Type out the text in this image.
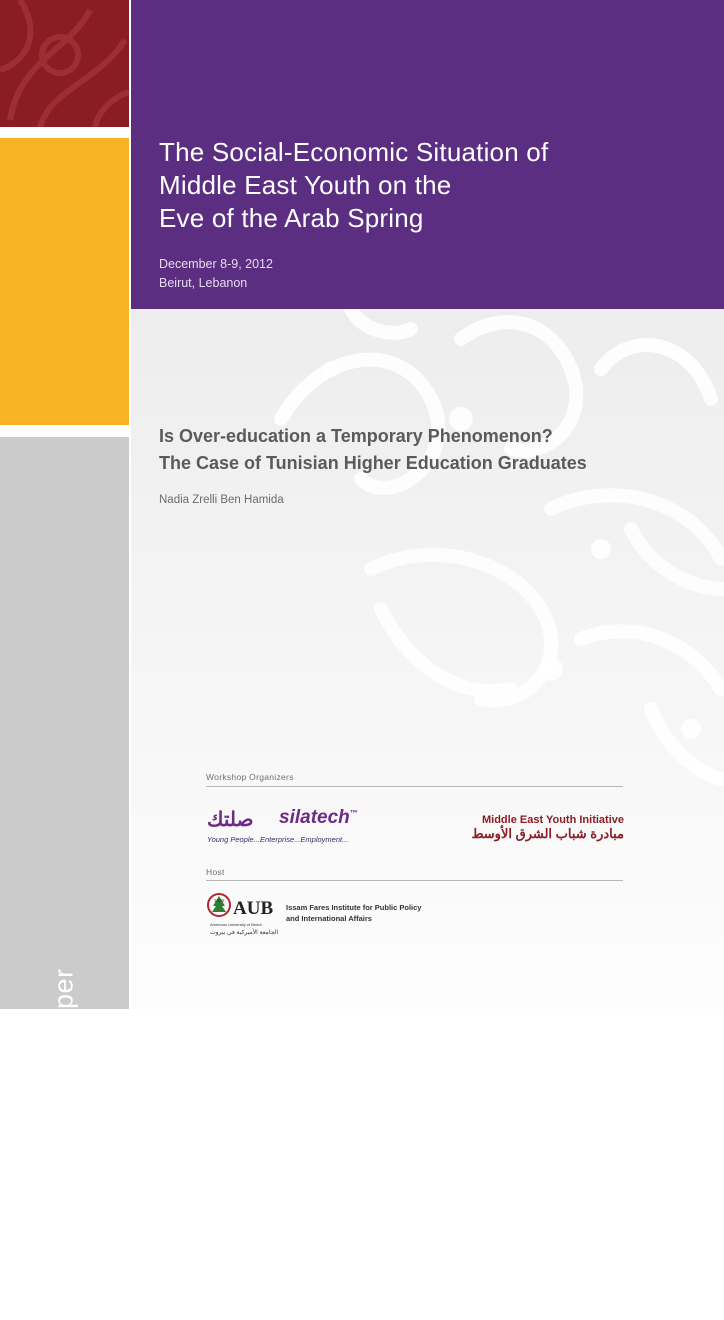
Workshop Discussion Paper
The Social-Economic Situation of
Middle East Youth on the
Eve of the Arab Spring
December 8-9, 2012
Beirut, Lebanon
Is Over-education a Temporary Phenomenon?
The Case of Tunisian Higher Education Graduates
Nadia Zrelli Ben Hamida
Workshop Organizers
صلتك silatech™
Young People...Enterprise...Employment...
Middle East Youth Initiative
مبادرة شباب الشرق الأوسط
Host
1866 AUB
American University of Beirut
الجامعة الأميركية في بيروت
Issam Fares Institute for Public Policy
and International Affairs
